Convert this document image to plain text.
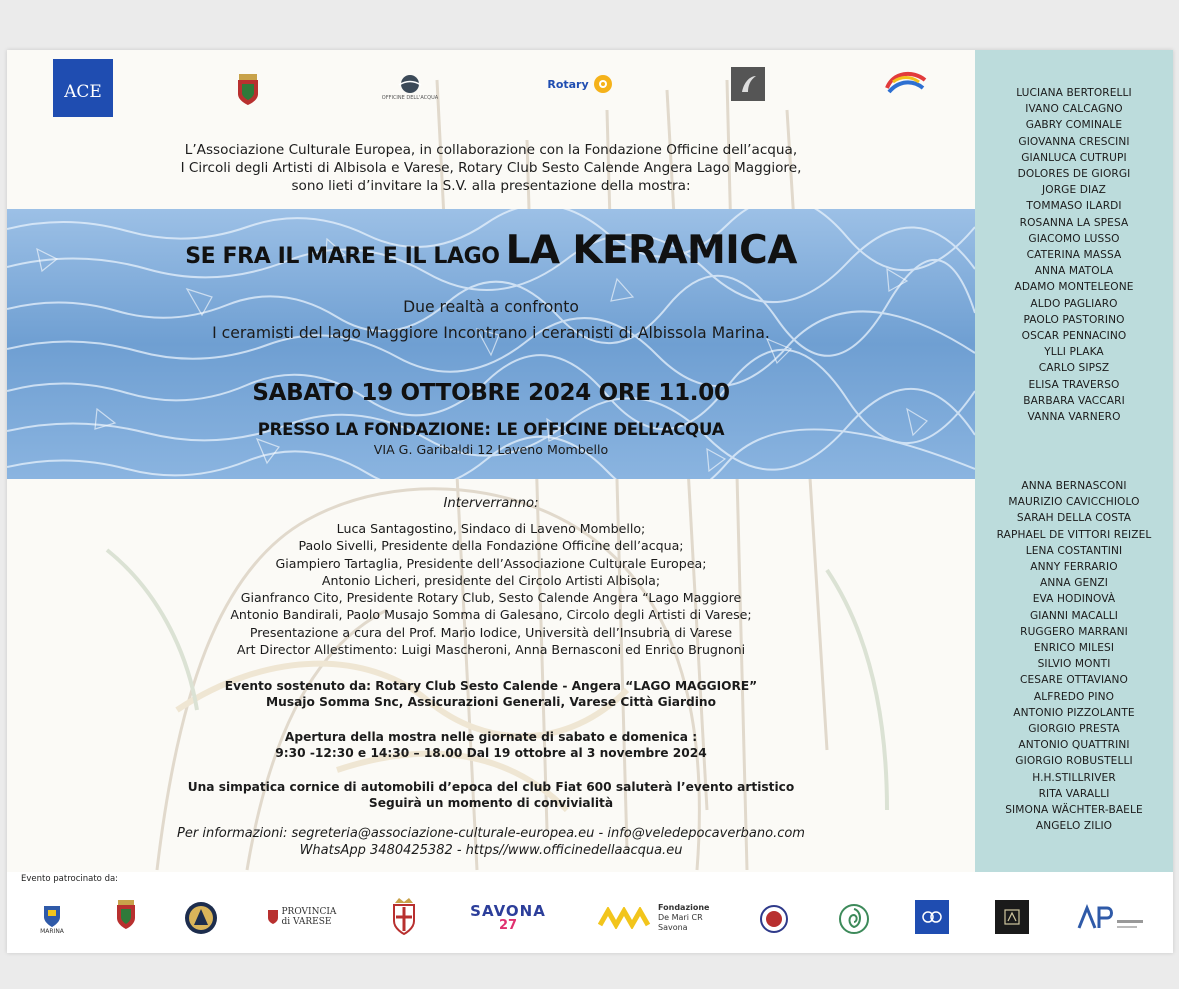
ACE	OFFICINE DELL'ACQUA
Rotary
L’Associazione Culturale Europea, in collaborazione con la Fondazione Officine dell’acqua,
I Circoli degli Artisti di Albisola e Varese, Rotary Club Sesto Calende Angera Lago Maggiore,
sono lieti d’invitare la S.V. alla presentazione della mostra:
SE FRA IL MARE E IL LAGO LA KERAMICA
Due realtà a confronto
I ceramisti del lago Maggiore Incontrano i ceramisti di Albissola Marina.
SABATO 19 OTTOBRE 2024 ORE 11.00
PRESSO LA FONDAZIONE: LE OFFICINE DELL’ACQUA
VIA G. Garibaldi 12 Laveno Mombello
Interverranno:
Luca Santagostino, Sindaco di Laveno Mombello;
Paolo Sivelli, Presidente della Fondazione Officine dell’acqua;
Giampiero Tartaglia, Presidente dell’Associazione Culturale Europea;
Antonio Licheri, presidente del Circolo Artisti Albisola;
Gianfranco Cito, Presidente Rotary Club, Sesto Calende Angera “Lago Maggiore
Antonio Bandirali, Paolo Musajo Somma di Galesano, Circolo degli Artisti di Varese;
Presentazione a cura del Prof. Mario Iodice, Università dell’Insubria di Varese
Art Director Allestimento: Luigi Mascheroni, Anna Bernasconi ed Enrico Brugnoni
Evento sostenuto da: Rotary Club Sesto Calende - Angera “LAGO MAGGIORE”
Musajo Somma Snc, Assicurazioni Generali, Varese Città Giardino
Apertura della mostra nelle giornate di sabato e domenica :
9:30 -12:30 e 14:30 – 18.00 Dal 19 ottobre al 3 novembre 2024
Una simpatica cornice di automobili d’epoca del club Fiat 600 saluterà l’evento artistico
Seguirà un momento di convivialità
Per informazioni: segreteria@associazione-culturale-europea.eu - info@veledepocaverbano.com
WhatsApp 3480425382 - https//www.officinedellaacqua.eu
LUCIANA BERTORELLI
IVANO CALCAGNO
GABRY COMINALE
GIOVANNA CRESCINI
GIANLUCA CUTRUPI
DOLORES DE GIORGI
JORGE DIAZ
TOMMASO ILARDI
ROSANNA LA SPESA
GIACOMO LUSSO
CATERINA MASSA
ANNA MATOLA
ADAMO MONTELEONE
ALDO PAGLIARO
PAOLO PASTORINO
OSCAR PENNACINO
YLLI PLAKA
CARLO SIPSZ
ELISA TRAVERSO
BARBARA VACCARI
VANNA VARNERO
ANNA BERNASCONI
MAURIZIO CAVICCHIOLO
SARAH DELLA COSTA
RAPHAEL DE VITTORI REIZEL
LENA COSTANTINI
ANNY FERRARIO
ANNA GENZI
EVA HODINOVÀ
GIANNI MACALLI
RUGGERO MARRANI
ENRICO MILESI
SILVIO MONTI
CESARE OTTAVIANO
ALFREDO PINO
ANTONIO PIZZOLANTE
GIORGIO PRESTA
ANTONIO QUATTRINI
GIORGIO ROBUSTELLI
H.H.STILLRIVER
RITA VARALLI
SIMONA WÄCHTER-BAELE
ANGELO ZILIO
Evento patrocinato da:
MARINA
PROVINCIA di VARESE
SAVONA
27
Fondazione
De Mari CR Savona
